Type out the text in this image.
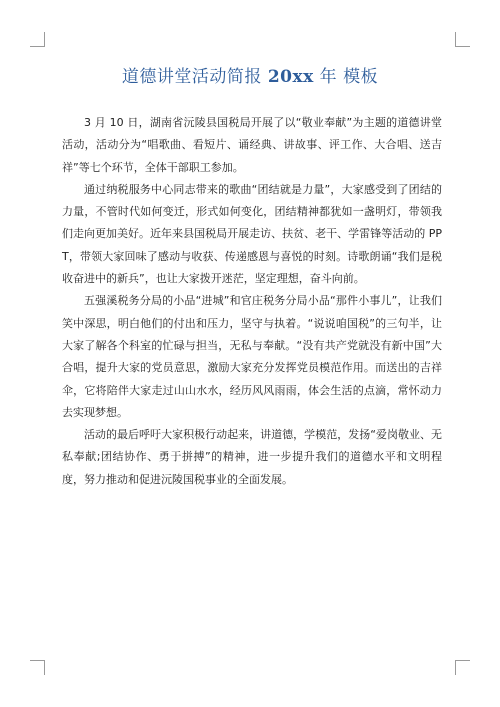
道德讲堂活动简报 20xx 年 模板

3 月 10 日，湖南省沅陵县国税局开展了以“敬业奉献”为主题的道德讲堂活动，活动分为“唱歌曲、看短片、诵经典、讲故事、评工作、大合唱、送吉祥”等七个环节，全体干部职工参加。

通过纳税服务中心同志带来的歌曲“团结就是力量”，大家感受到了团结的力量，不管时代如何变迁，形式如何变化，团结精神都犹如一盏明灯，带领我们走向更加美好。近年来县国税局开展走访、扶贫、老干、学雷锋等活动的 PPT，带领大家回味了感动与收获、传递感恩与喜悦的时刻。诗歌朗诵“我们是税收奋进中的新兵”，也让大家拨开迷茫，坚定理想，奋斗向前。

五强溪税务分局的小品“进城”和官庄税务分局小品“那件小事儿”，让我们笑中深思，明白他们的付出和压力，坚守与执着。“说说咱国税”的三句半，让大家了解各个科室的忙碌与担当，无私与奉献。“没有共产党就没有新中国”大合唱，提升大家的党员意思，激励大家充分发挥党员模范作用。而送出的吉祥伞，它将陪伴大家走过山山水水，经历风风雨雨，体会生活的点滴，常怀动力去实现梦想。

活动的最后呼吁大家积极行动起来，讲道德，学模范，发扬“爱岗敬业、无私奉献;团结协作、勇于拼搏”的精神，进一步提升我们的道德水平和文明程度，努力推动和促进沅陵国税事业的全面发展。
